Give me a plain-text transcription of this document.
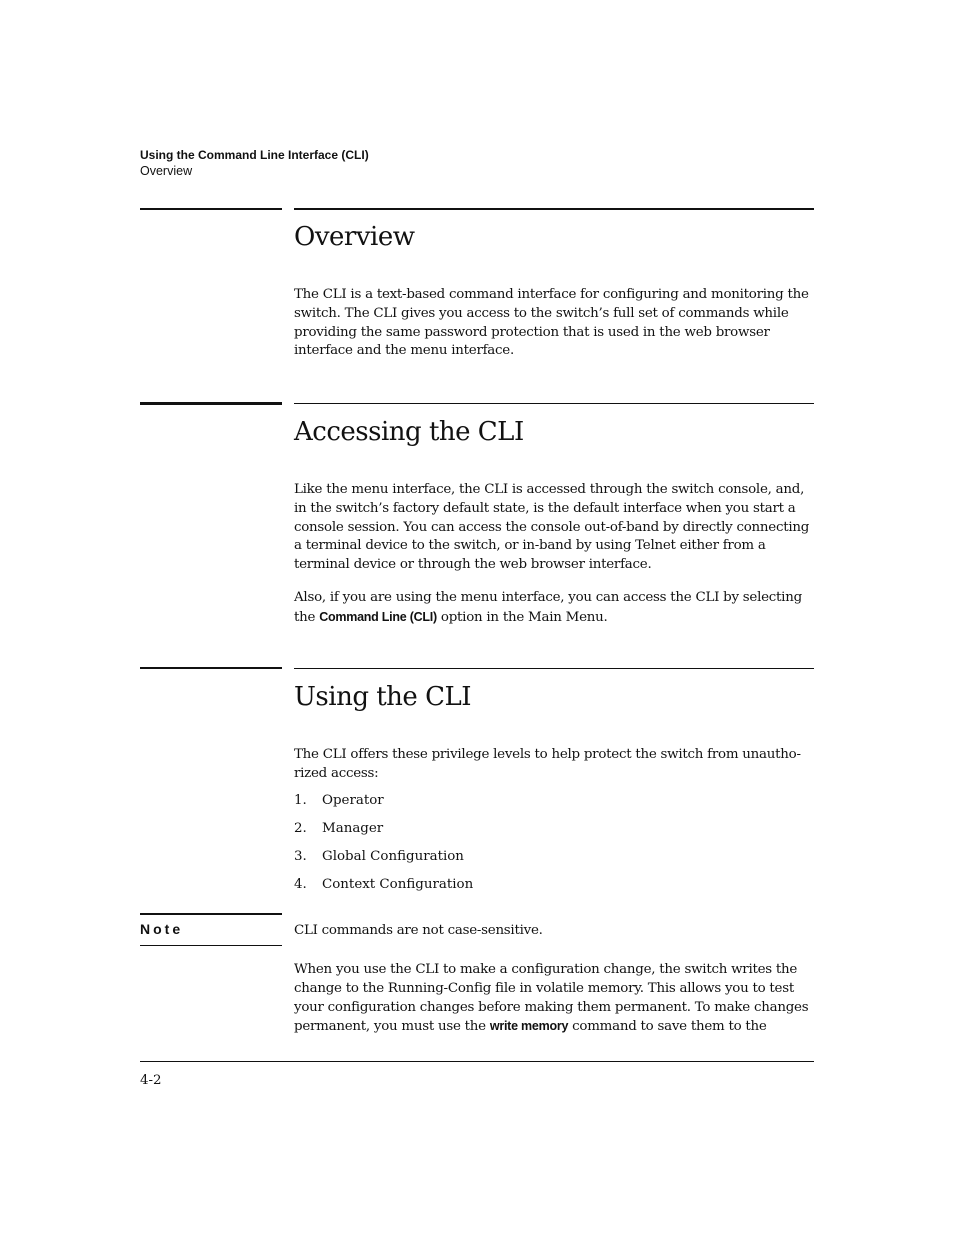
Using the Command Line Interface (CLI)
Overview
Overview

The CLI is a text-based command interface for configuring and monitoring the switch. The CLI gives you access to the switch’s full set of commands while providing the same password protection that is used in the web browser interface and the menu interface.

Accessing the CLI

Like the menu interface, the CLI is accessed through the switch console, and, in the switch’s factory default state, is the default interface when you start a console session. You can access the console out-of-band by directly connecting a terminal device to the switch, or in-band by using Telnet either from a terminal device or through the web browser interface.

Also, if you are using the menu interface, you can access the CLI by selecting the Command Line (CLI) option in the Main Menu.

Using the CLI

The CLI offers these privilege levels to help protect the switch from unautho-rized access:

1. Operator
2. Manager
3. Global Configuration
4. Context Configuration
Note	CLI commands are not case-sensitive.

When you use the CLI to make a configuration change, the switch writes the change to the Running-Config file in volatile memory. This allows you to test your configuration changes before making them permanent. To make changes permanent, you must use the write memory command to save them to the

4-2
